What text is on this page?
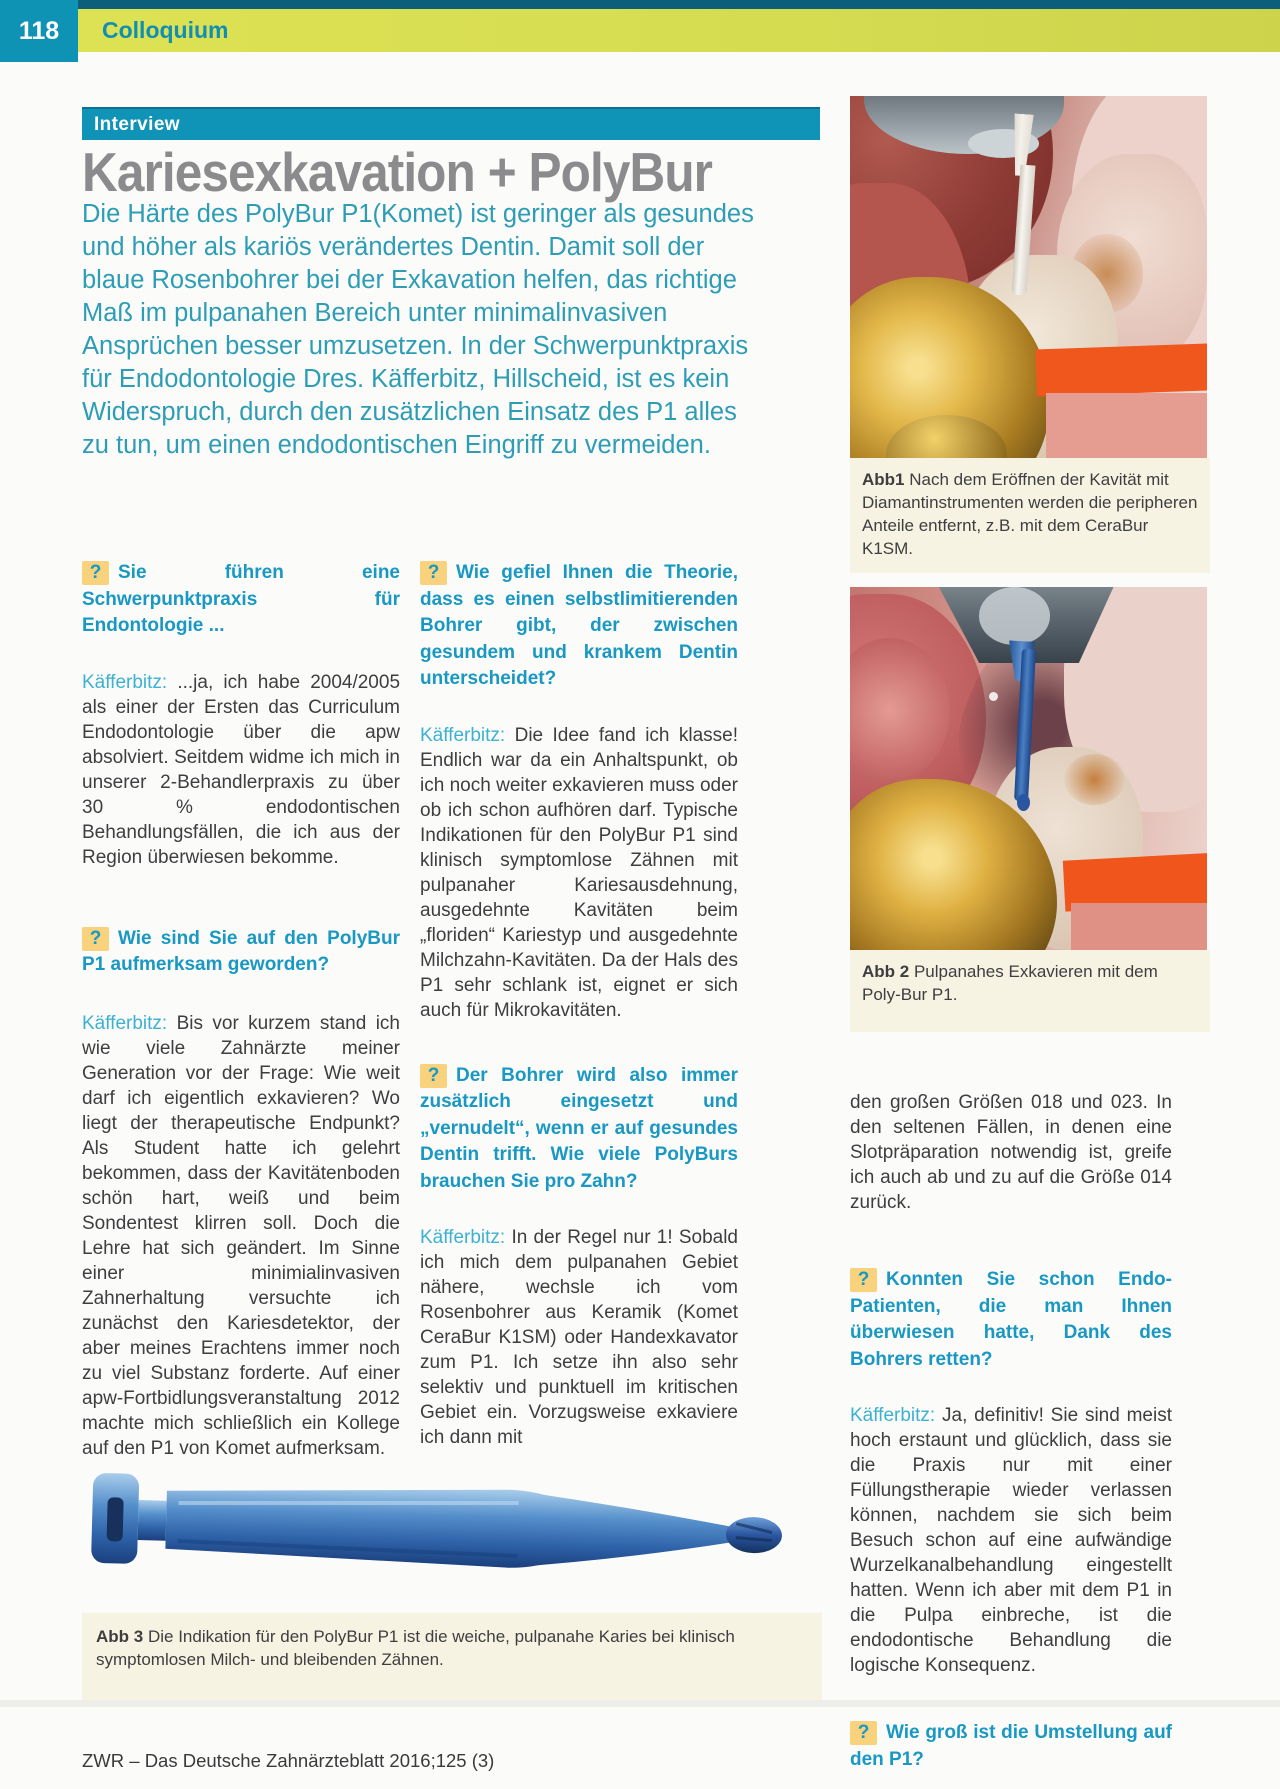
118 Colloquium
Interview
Kariesexkavation + PolyBur

Die Härte des PolyBur P1(Komet) ist geringer als gesundes und höher als kariös verändertes Dentin. Damit soll der blaue Rosenbohrer bei der Exkavation helfen, das richtige Maß im pulpanahen Bereich unter minimalinvasiven Ansprüchen besser umzusetzen. In der Schwerpunktpraxis für Endodontologie Dres. Käfferbitz, Hillscheid, ist es kein Widerspruch, durch den zusätzlichen Einsatz des P1 alles zu tun, um einen endodontischen Eingriff zu vermeiden.

? Sie führen eine Schwerpunktpraxis für Endontologie ...

Käfferbitz: ...ja, ich habe 2004/2005 als einer der Ersten das Curriculum Endodontologie über die apw absolviert. Seitdem widme ich mich in unserer 2-Behandlerpraxis zu über 30 % endodontischen Behandlungsfällen, die ich aus der Region überwiesen bekomme.

? Wie sind Sie auf den PolyBur P1 aufmerksam geworden?

Käfferbitz: Bis vor kurzem stand ich wie viele Zahnärzte meiner Generation vor der Frage: Wie weit darf ich eigentlich exkavieren? Wo liegt der therapeutische Endpunkt? Als Student hatte ich gelehrt bekommen, dass der Kavitätenboden schön hart, weiß und beim Sondentest klirren soll. Doch die Lehre hat sich geändert. Im Sinne einer minimialinvasiven Zahnerhaltung versuchte ich zunächst den Kariesdetektor, der aber meines Erachtens immer noch zu viel Substanz forderte. Auf einer apw-Fortbidlungsveranstaltung 2012 machte mich schließlich ein Kollege auf den P1 von Komet aufmerksam.

? Wie gefiel Ihnen die Theorie, dass es einen selbstlimitierenden Bohrer gibt, der zwischen gesundem und krankem Dentin unterscheidet?

Käfferbitz: Die Idee fand ich klasse! Endlich war da ein Anhaltspunkt, ob ich noch weiter exkavieren muss oder ob ich schon aufhören darf. Typische Indikationen für den PolyBur P1 sind klinisch symptomlose Zähnen mit pulpanaher Kariesausdehnung, ausgedehnte Kavitäten beim „floriden“ Kariestyp und ausgedehnte Milchzahn-Kavitäten. Da der Hals des P1 sehr schlank ist, eignet er sich auch für Mikrokavitäten.

? Der Bohrer wird also immer zusätzlich eingesetzt und „vernudelt“, wenn er auf gesundes Dentin trifft. Wie viele PolyBurs brauchen Sie pro Zahn?

Käfferbitz: In der Regel nur 1! Sobald ich mich dem pulpanahen Gebiet nähere, wechsle ich vom Rosenbohrer aus Keramik (Komet CeraBur K1SM) oder Handexkavator zum P1. Ich setze ihn also sehr selektiv und punktuell im kritischen Gebiet ein. Vorzugsweise exkaviere ich dann mit

den großen Größen 018 und 023. In den seltenen Fällen, in denen eine Slotpräparation notwendig ist, greife ich auch ab und zu auf die Größe 014 zurück.

? Konnten Sie schon Endo-Patienten, die man Ihnen überwiesen hatte, Dank des Bohrers retten?

Käfferbitz: Ja, definitiv! Sie sind meist hoch erstaunt und glücklich, dass sie die Praxis nur mit einer Füllungstherapie wieder verlassen können, nachdem sie sich beim Besuch schon auf eine aufwändige Wurzelkanalbehandlung eingestellt hatten. Wenn ich aber mit dem P1 in die Pulpa einbreche, ist die endodontische Behandlung die logische Konsequenz.

? Wie groß ist die Umstellung auf den P1?

Abb1 Nach dem Eröffnen der Kavität mit Diamantinstrumenten werden die peripheren Anteile entfernt, z.B. mit dem CeraBur K1SM.
Abb 2 Pulpanahes Exkavieren mit dem Poly-Bur P1.
Abb 3 Die Indikation für den PolyBur P1 ist die weiche, pulpanahe Karies bei klinisch symptomlosen Milch- und bleibenden Zähnen.
ZWR – Das Deutsche Zahnärzteblatt 2016;125 (3)
